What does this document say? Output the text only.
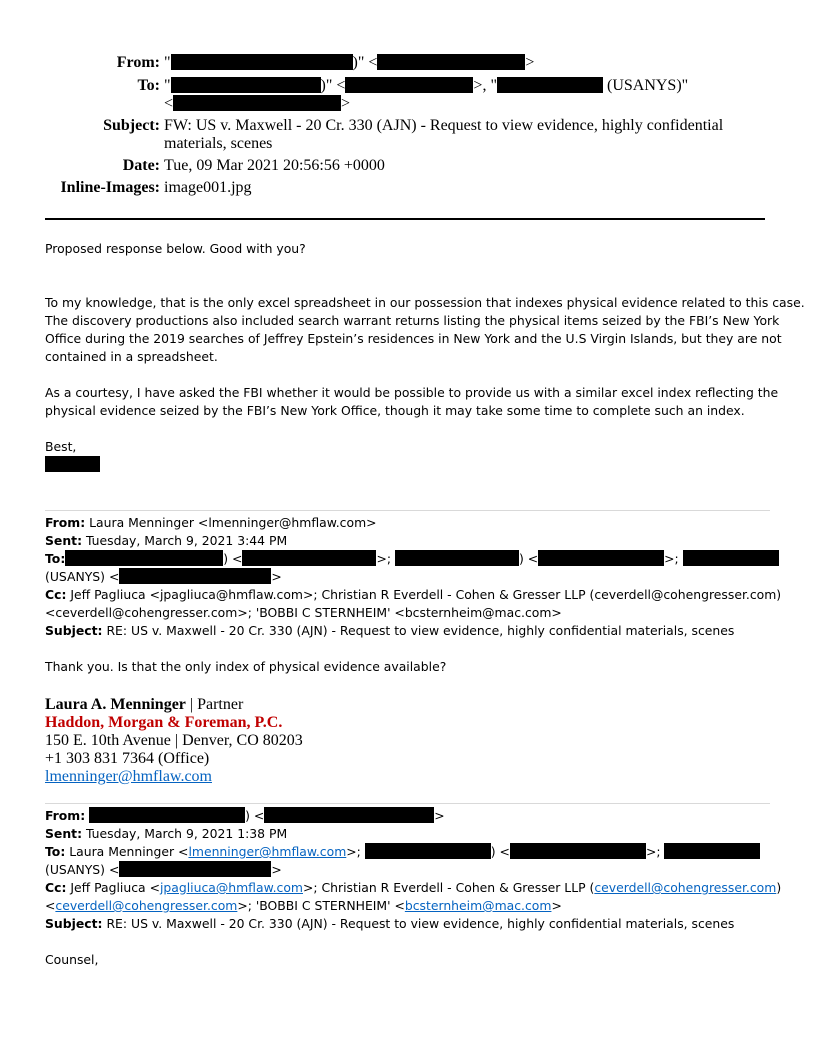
From: "	)" <	>
To: "	)" <	>, "	(USANYS)"
<	>
Subject: FW: US v. Maxwell - 20 Cr. 330 (AJN) - Request to view evidence, highly confidential
materials, scenes
Date: Tue, 09 Mar 2021 20:56:56 +0000
Inline-Images: image001.jpg
Proposed response below. Good with you?
To my knowledge, that is the only excel spreadsheet in our possession that indexes physical evidence related to this case.
The discovery productions also included search warrant returns listing the physical items seized by the FBI’s New York
Office during the 2019 searches of Jeffrey Epstein’s residences in New York and the U.S Virgin Islands, but they are not
contained in a spreadsheet.
As a courtesy, I have asked the FBI whether it would be possible to provide us with a similar excel index reflecting the
physical evidence seized by the FBI’s New York Office, though it may take some time to complete such an index.
Best,
From: Laura Menninger <lmenninger@hmflaw.com>
Sent: Tuesday, March 9, 2021 3:44 PM
To:	) <	>;	) <	>;
(USANYS) <	>
Cc: Jeff Pagliuca <jpagliuca@hmflaw.com>; Christian R Everdell - Cohen & Gresser LLP (ceverdell@cohengresser.com)
<ceverdell@cohengresser.com>; 'BOBBI C STERNHEIM' <bcsternheim@mac.com>
Subject: RE: US v. Maxwell - 20 Cr. 330 (AJN) - Request to view evidence, highly confidential materials, scenes
Thank you. Is that the only index of physical evidence available?
Laura A. Menninger | Partner
Haddon, Morgan & Foreman, P.C.
150 E. 10th Avenue | Denver, CO 80203
+1 303 831 7364 (Office)
lmenninger@hmflaw.com
From:	) <	>
Sent: Tuesday, March 9, 2021 1:38 PM
To: Laura Menninger <lmenninger@hmflaw.com>;	) <	>;
(USANYS) <	>
Cc: Jeff Pagliuca <jpagliuca@hmflaw.com>; Christian R Everdell - Cohen & Gresser LLP (ceverdell@cohengresser.com)
<ceverdell@cohengresser.com>; 'BOBBI C STERNHEIM' <bcsternheim@mac.com>
Subject: RE: US v. Maxwell - 20 Cr. 330 (AJN) - Request to view evidence, highly confidential materials, scenes
Counsel,
